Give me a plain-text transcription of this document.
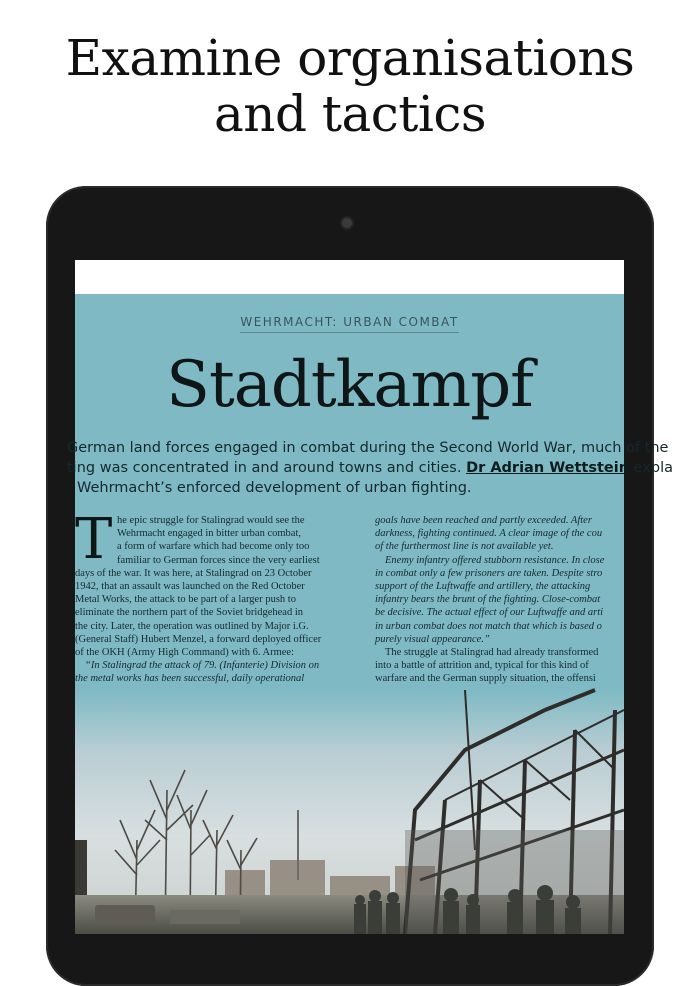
Examine organisations
and tactics
WEHRMACHT: URBAN COMBAT
Stadtkampf
German land forces engaged in combat during the Second World War, much of the
ting was concentrated in and around towns and cities. Dr Adrian Wettstein expla
Wehrmacht’s enforced development of urban fighting.
T he epic struggle for Stalingrad would see the
Wehrmacht engaged in bitter urban combat,
a form of warfare which had become only too
familiar to German forces since the very earliest
days of the war. It was here, at Stalingrad on 23 October
1942, that an assault was launched on the Red October
Metal Works, the attack to be part of a larger push to
eliminate the northern part of the Soviet bridgehead in
the city. Later, the operation was outlined by Major i.G.
(General Staff) Hubert Menzel, a forward deployed officer
of the OKH (Army High Command) with 6. Armee:
“In Stalingrad the attack of 79. (Infanterie) Division on
the metal works has been successful, daily operational
goals have been reached and partly exceeded. After
darkness, fighting continued. A clear image of the cou
of the furthermost line is not available yet.
Enemy infantry offered stubborn resistance. In close
in combat only a few prisoners are taken. Despite stro
support of the Luftwaffe and artillery, the attacking
infantry bears the brunt of the fighting. Close-combat
be decisive. The actual effect of our Luftwaffe and arti
in urban combat does not match that which is based o
purely visual appearance.”
The struggle at Stalingrad had already transformed
into a battle of attrition and, typical for this kind of
warfare and the German supply situation, the offensi
